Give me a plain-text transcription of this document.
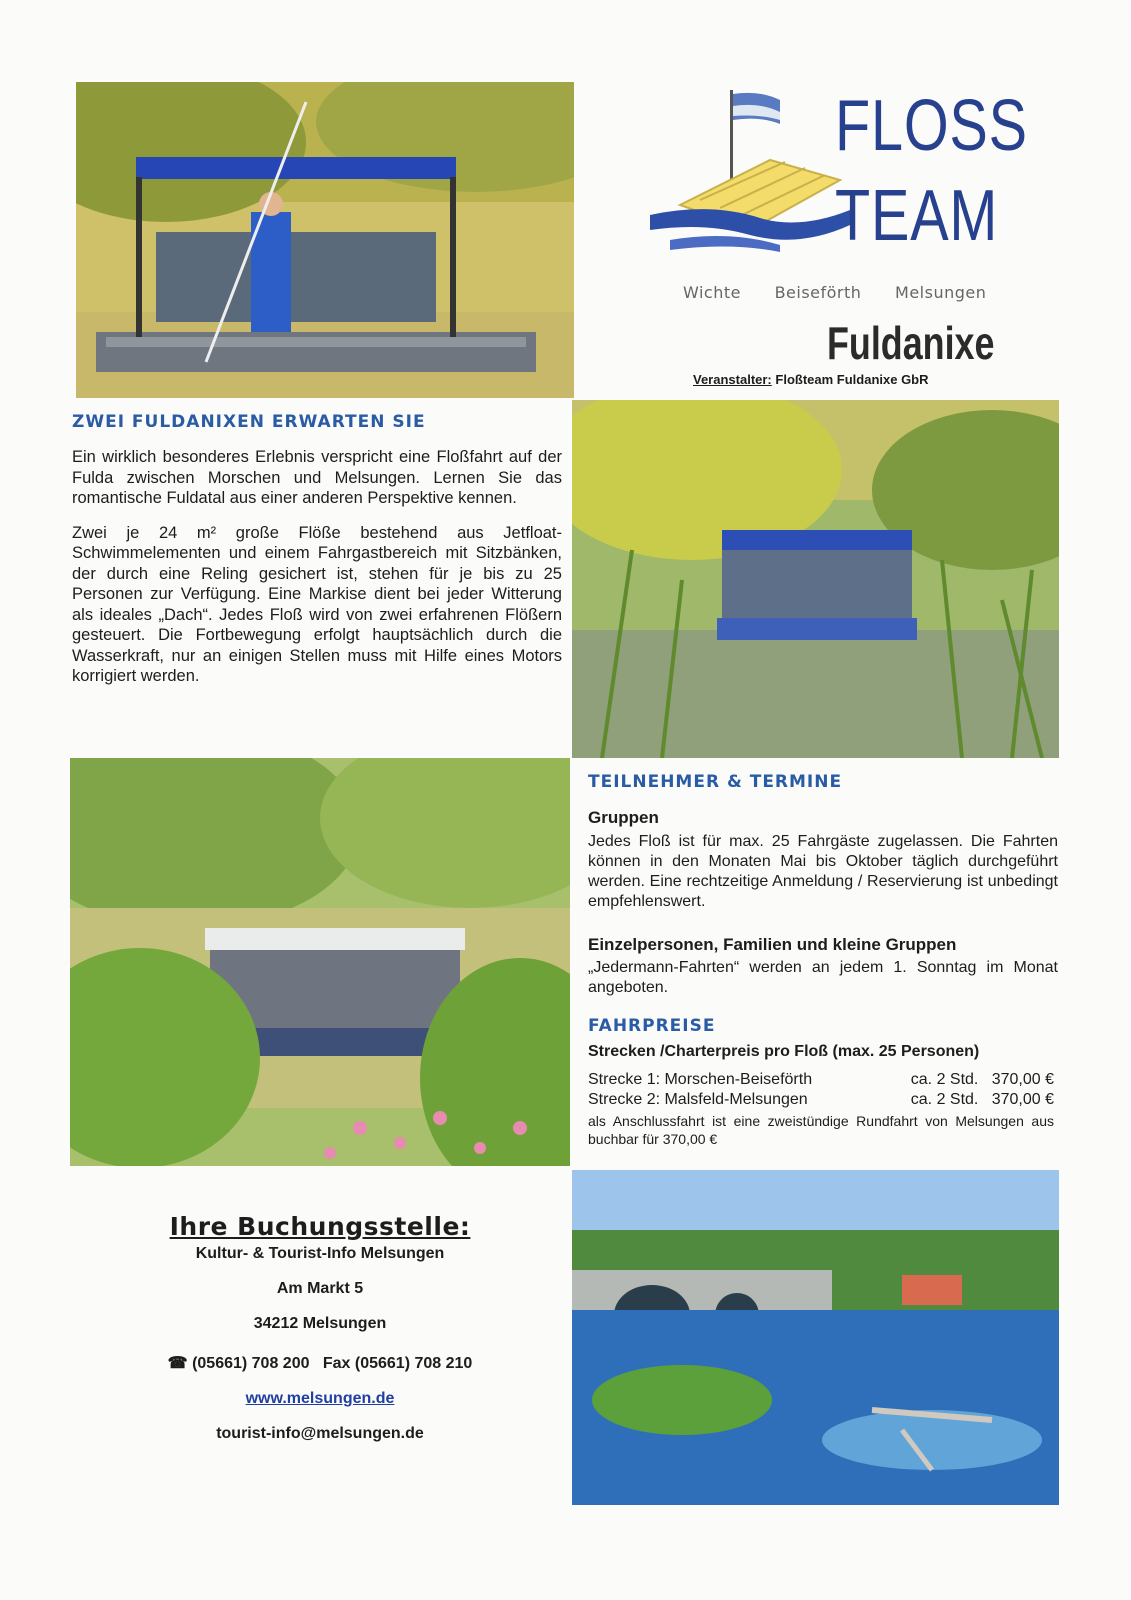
FLOSS
TEAM
Wichte Beiseförth Melsungen
Fuldanixe
Veranstalter: Floßteam Fuldanixe GbR
ZWEI FULDANIXEN ERWARTEN SIE

Ein wirklich besonderes Erlebnis verspricht eine Floßfahrt auf der Fulda zwischen Morschen und Melsungen. Lernen Sie das romantische Fuldatal aus einer anderen Perspektive kennen.

Zwei je 24 m² große Flöße bestehend aus Jetfloat-Schwimmelementen und einem Fahrgastbereich mit Sitzbänken, der durch eine Reling gesichert ist, stehen für je bis zu 25 Personen zur Verfügung. Eine Markise dient bei jeder Witterung als ideales „Dach“. Jedes Floß wird von zwei erfahrenen Flößern gesteuert. Die Fortbewegung erfolgt hauptsächlich durch die Wasserkraft, nur an einigen Stellen muss mit Hilfe eines Motors korrigiert werden.

TEILNEHMER & TERMINE
Gruppen
Jedes Floß ist für max. 25 Fahrgäste zugelassen. Die Fahrten können in den Monaten Mai bis Oktober täglich durchgeführt werden. Eine rechtzeitige Anmeldung / Reservierung ist unbedingt empfehlenswert.
Einzelpersonen, Familien und kleine Gruppen
„Jedermann-Fahrten“ werden an jedem 1. Sonntag im Monat angeboten.
FAHRPREISE
Strecken /Charterpreis pro Floß (max. 25 Personen)
Strecke 1: Morschen-Beiseförth	ca. 2 Std. 370,00 €
Strecke 2: Malsfeld-Melsungen	ca. 2 Std. 370,00 €
als Anschlussfahrt ist eine zweistündige Rundfahrt von Melsungen aus buchbar für 370,00 €
Ihre Buchungsstelle:
Kultur- & Tourist-Info Melsungen
Am Markt 5
34212 Melsungen
☎ (05661) 708 200 Fax (05661) 708 210
www.melsungen.de
tourist-info@melsungen.de
